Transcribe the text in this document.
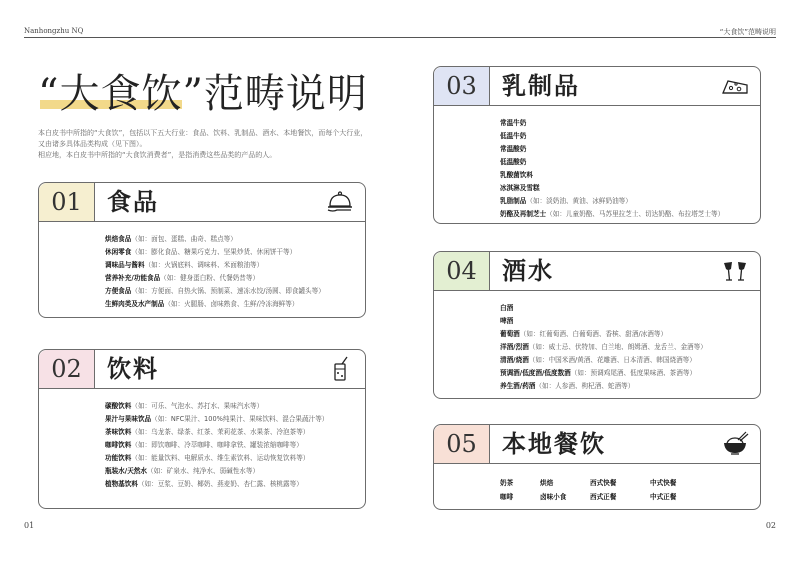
Nanhongzhu NQ	“大食饮”范畴说明
“大食饮”范畴说明

本白皮书中所指的“大食饮”，包括以下五大行业：食品、饮料、乳制品、酒水、本地餐饮，而每个大行业，

又由诸多具体品类构成（见下图）。

相应地，本白皮书中所指的“大食饮消费者”，是指消费这些品类的产品的人。

01	食品
烘焙食品（如：面包、蛋糕、曲奇、糕点等）
休闲零食（如：膨化食品、糖果巧克力、坚果炒货、休闲饼干等）
调味品与酱料（如：火锅底料、调味料、米面粮油等）
营养补充/功能食品（如：健身蛋白粉、代餐奶昔等）
方便食品（如：方便面、自热火锅、预制菜、速冻水饺/汤圆、即食罐头等）
生鲜肉类及水产制品（如：火腿肠、卤味熟食、生鲜/冷冻海鲜等）
02	饮料
碳酸饮料（如：可乐、气泡水、苏打水、果味汽水等）
果汁与果味饮品（如：NFC果汁、100%纯果汁、果味饮料、混合果蔬汁等）
茶味饮料（如：乌龙茶、绿茶、红茶、茉莉花茶、水果茶、冷泡茶等）
咖啡饮料（如：即饮咖啡、冷萃咖啡、咖啡拿铁、罐装浓缩咖啡等）
功能饮料（如：能量饮料、电解质水、维生素饮料、运动恢复饮料等）
瓶装水/天然水（如：矿泉水、纯净水、弱碱性水等）
植物基饮料（如：豆浆、豆奶、椰奶、燕麦奶、杏仁露、核桃露等）
03	乳制品
常温牛奶
低温牛奶
常温酸奶
低温酸奶
乳酸菌饮料
冰淇淋及雪糕
乳脂制品（如：淡奶油、黄油、冰鲜奶油等）
奶酪及再制芝士（如：儿童奶酪、马苏里拉芝士、切达奶酪、布拉塔芝士等）
04	酒水
白酒
啤酒
葡萄酒（如：红葡萄酒、白葡萄酒、香槟、甜酒/冰酒等）
洋酒/烈酒（如：威士忌、伏特加、白兰地、朗姆酒、龙舌兰、金酒等）
清酒/烧酒（如：中国米酒/黄酒、花雕酒、日本清酒、韩国烧酒等）
预调酒/低度酒/低度数酒（如：预调鸡尾酒、低度果味酒、茶酒等）
养生酒/药酒（如：人参酒、枸杞酒、蛇酒等）
05	本地餐饮
奶茶	烘焙	西式快餐	中式快餐
咖啡	卤味小食	西式正餐	中式正餐
01	02
